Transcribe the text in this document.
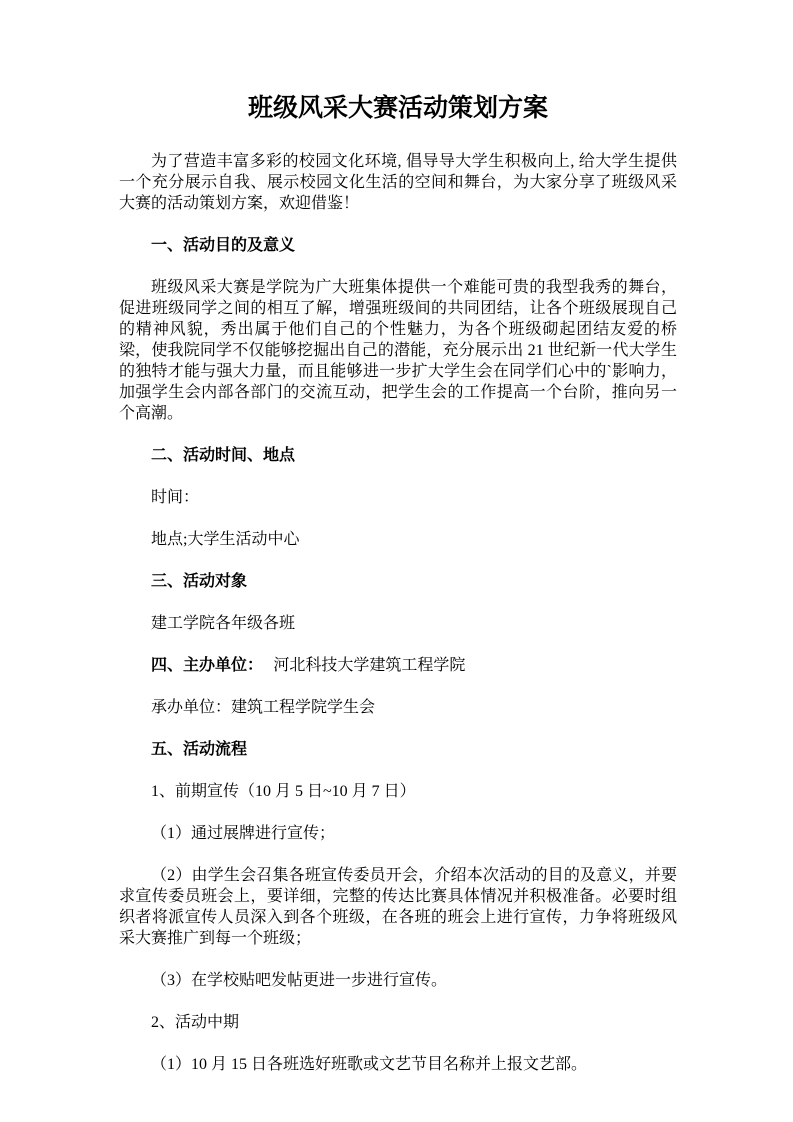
班级风采大赛活动策划方案

为了营造丰富多彩的校园文化环境, 倡导导大学生积极向上, 给大学生提供一个充分展示自我、展示校园文化生活的空间和舞台，为大家分享了班级风采大赛的活动策划方案，欢迎借鉴！

一、活动目的及意义

班级风采大赛是学院为广大班集体提供一个难能可贵的我型我秀的舞台，促进班级同学之间的相互了解，增强班级间的共同团结，让各个班级展现自己的精神风貌，秀出属于他们自己的个性魅力，为各个班级砌起团结友爱的桥梁，使我院同学不仅能够挖掘出自己的潜能，充分展示出 21 世纪新一代大学生的独特才能与强大力量，而且能够进一步扩大学生会在同学们心中的`影响力，加强学生会内部各部门的交流互动，把学生会的工作提高一个台阶，推向另一个高潮。

二、活动时间、地点

时间：

地点;大学生活动中心

三、活动对象

建工学院各年级各班

四、主办单位： 河北科技大学建筑工程学院

承办单位：建筑工程学院学生会

五、活动流程

1、前期宣传（10 月 5 日~10 月 7 日）

（1）通过展牌进行宣传；

（2）由学生会召集各班宣传委员开会，介绍本次活动的目的及意义，并要求宣传委员班会上，要详细，完整的传达比赛具体情况并积极准备。必要时组织者将派宣传人员深入到各个班级，在各班的班会上进行宣传，力争将班级风采大赛推广到每一个班级；

（3）在学校贴吧发帖更进一步进行宣传。

2、活动中期

（1）10 月 15 日各班选好班歌或文艺节目名称并上报文艺部。
